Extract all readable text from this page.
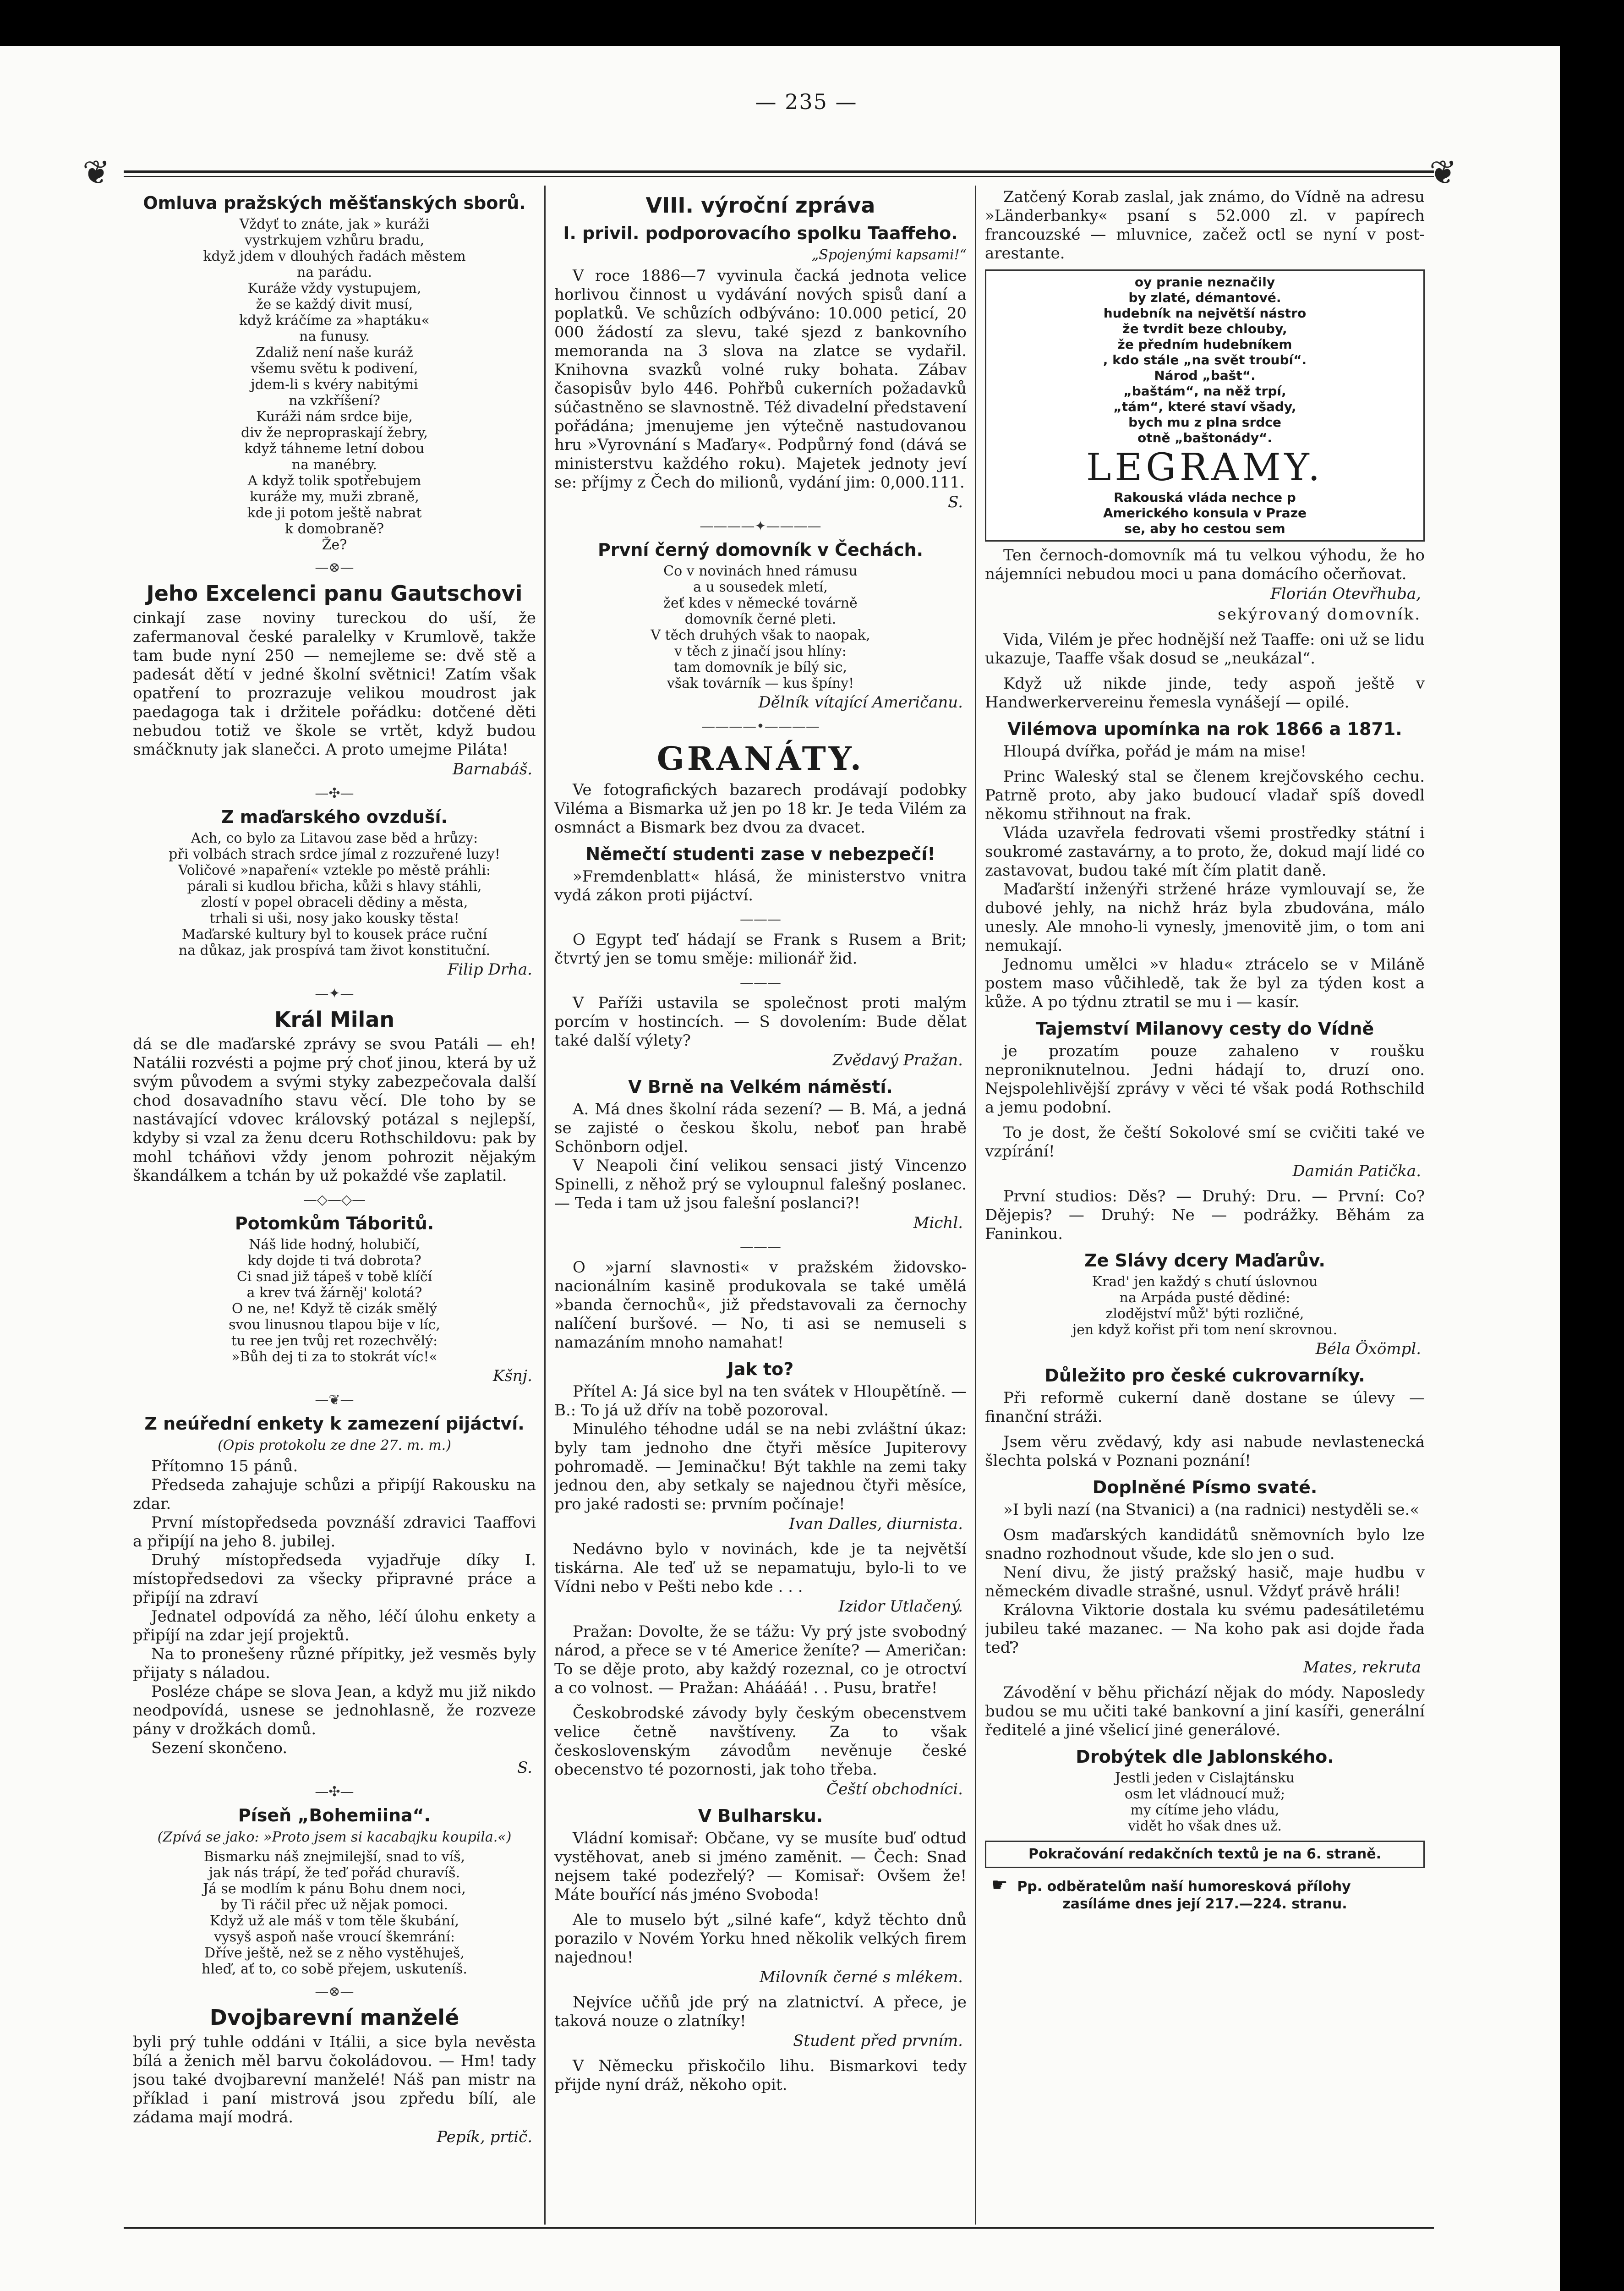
— 235 —
❦	❦
Omluva pražských měšťanských sborů.
Vždyť to znáte, jak » kuráži
vystrkujem vzhůru bradu,
když jdem v dlouhých řadách městem
na parádu.
Kuráže vždy vystupujem,
že se každý divit musí,
když kráčíme za »haptáku«
na funusy.
Zdaliž není naše kuráž
všemu světu k podivení,
jdem-li s kvéry nabitými
na vzkříšení?
Kuráži nám srdce bije,
div že nepropraskají žebry,
když táhneme letní dobou
na manébry.
A když tolik spotřebujem
kuráže my, muži zbraně,
kde ji potom ještě nabrat
k domobraně?
Že?
—⊗—
Jeho Excelenci panu Gautschovi

cinkají zase noviny tureckou do uší, že zafermanoval české paralelky v Krumlově, takže tam bude nyní 250 — nemejleme se: dvě stě a padesát dětí v jedné školní světnici! Zatím však opatření to prozrazuje velikou moudrost jak paedagoga tak i držitele pořádku: dotčené děti nebudou totiž ve škole se vrtět, když budou smáčknuty jak slanečci. A proto umejme Piláta!

Barnabáš.
—✣—
Z maďarského ovzduší.
Ach, co bylo za Litavou zase běd a hrůzy:
při volbách strach srdce jímal z rozzuřené luzy!
Voličové »napaření« vztekle po městě práhli:
párali si kudlou břicha, kůži s hlavy stáhli,
zlostí v popel obraceli dědiny a města,
trhali si uši, nosy jako kousky těsta!
Maďarské kultury byl to kousek práce ruční
na důkaz, jak prospívá tam život konstituční.
Filip Drha.
—✦—
Král Milan

dá se dle maďarské zprávy se svou Patáli — eh! Natálii rozvésti a pojme prý choť jinou, která by už svým původem a svými styky zabezpečovala další chod dosavadního stavu věcí. Dle toho by se nastávající vdovec královský potázal s nejlepší, kdyby si vzal za ženu dceru Rothschildovu: pak by mohl tcháňovi vždy jenom pohrozit nějakým škandálkem a tchán by už pokaždé vše zaplatil.

—◇—◇—
Potomkům Táboritů.
Náš lide hodný, holubičí,
kdy dojde ti tvá dobrota?
Ci snad již tápeš v tobě klíčí
a krev tvá žárněj' kolotá?
O ne, ne! Když tě cizák smělý
svou linusnou tlapou bije v líc,
tu ree jen tvůj ret rozechvělý:
»Bůh dej ti za to stokrát víc!«
Kšnj.
—❦—
Z neúřední enkety k zamezení pijáctví.
(Opis protokolu ze dne 27. m. m.)

Přítomno 15 pánů.

Předseda zahajuje schůzi a připíjí Rakousku na zdar.

První místopředseda povznáší zdravici Taaffovi a připíjí na jeho 8. jubilej.

Druhý místopředseda vyjadřuje díky I. místopředsedovi za všecky připravné práce a připíjí na zdraví

Jednatel odpovídá za něho, léčí úlohu enkety a připíjí na zdar její projektů.

Na to pronešeny různé přípitky, jež vesměs byly přijaty s náladou.

Posléze chápe se slova Jean, a když mu již nikdo neodpovídá, usnese se jednohlasně, že rozveze pány v drožkách domů.

Sezení skončeno.

S.
—✣—
Píseň „Bohemiina“.
(Zpívá se jako: »Proto jsem si kacabajku koupila.«)
Bismarku náš znejmilejší, snad to víš,
jak nás trápí, že teď pořád churavíš.
Já se modlím k pánu Bohu dnem noci,
by Ti ráčil přec už nějak pomoci.
Když už ale máš v tom těle škubání,
vysyš aspoň naše vroucí škemrání:
Dříve ještě, než se z něho vystěhuješ,
hleď, ať to, co sobě přejem, uskuteníš.
—⊗—
Dvojbarevní manželé

byli prý tuhle oddáni v Itálii, a sice byla nevěsta bílá a ženich měl barvu čokoládovou. — Hm! tady jsou také dvojbarevní manželé! Náš pan mistr na příklad i paní mistrová jsou zpředu bílí, ale zádama mají modrá.

Pepík, prtič.
VIII. výroční zpráva
I. privil. podporovacího spolku Taaffeho.
„Spojenými kapsami!“

V roce 1886—7 vyvinula čacká jednota velice horlivou činnost u vydávání nových spisů daní a poplatků. Ve schůzích odbýváno: 10.000 peticí, 20 000 žádostí za slevu, také sjezd z bankovního memoranda na 3 slova na zlatce se vydařil. Knihovna svazků volné ruky bohata. Zábav časopisův bylo 446. Pohřbů cukerních požadavků súčastněno se slavnostně. Též divadelní představení pořádána; jmenujeme jen výtečně nastudovanou hru »Vyrovnání s Maďary«. Podpůrný fond (dává se ministerstvu každého roku). Majetek jednoty jeví se: příjmy z Čech do milionů, vydání jim: 0,000.111.

S.
————✦————
První černý domovník v Čechách.
Co v novinách hned rámusu
a u sousedek mletí,
žeť kdes v německé továrně
domovník černé pleti.
V těch druhých však to naopak,
v těch z jinačí jsou hlíny:
tam domovník je bílý sic,
však továrník — kus špíny!
Dělník vítající Američanu.
————•————
GRANÁTY.

Ve fotografických bazarech prodávají podobky Viléma a Bismarka už jen po 18 kr. Je teda Vilém za osmnáct a Bismark bez dvou za dvacet.

Němečtí studenti zase v nebezpečí!

»Fremdenblatt« hlásá, že ministerstvo vnitra vydá zákon proti pijáctví.

———

O Egypt teď hádají se Frank s Rusem a Brit; čtvrtý jen se tomu směje: milionář žid.

———

V Paříži ustavila se společnost proti malým porcím v hostincích. — S dovolením: Bude dělat také další výlety?

Zvědavý Pražan.
V Brně na Velkém náměstí.

A. Má dnes školní ráda sezení? — B. Má, a jedná se zajisté o českou školu, neboť pan hrabě Schönborn odjel.

V Neapoli činí velikou sensaci jistý Vincenzo Spinelli, z něhož prý se vyloupnul falešný poslanec. — Teda i tam už jsou falešní poslanci?!

Michl.
———

O »jarní slavnosti« v pražském židovsko-nacionálním kasině produkovala se také umělá »banda černochů«, již představovali za černochy nalíčení buršové. — No, ti asi se nemuseli s namazáním mnoho namahat!

Jak to?

Přítel A: Já sice byl na ten svátek v Hloupětíně. — B.: To já už dřív na tobě pozoroval.

Minulého téhodne udál se na nebi zvláštní úkaz: byly tam jednoho dne čtyři měsíce Jupiterovy pohromadě. — Jeminačku! Být takhle na zemi taky jednou den, aby setkaly se najednou čtyři měsíce, pro jaké radosti se: prvním počínaje!

Ivan Dalles, diurnista.

Nedávno bylo v novinách, kde je ta největší tiskárna. Ale teď už se nepamatuju, bylo-li to ve Vídni nebo v Pešti nebo kde . . .

Izidor Utlačený.

Pražan: Dovolte, že se tážu: Vy prý jste svobodný národ, a přece se v té Americe ženíte? — Američan: To se děje proto, aby každý rozeznal, co je otroctví a co volnost. — Pražan: Aháááá! . . Pusu, bratře!

Českobrodské závody byly českým obecenstvem velice četně navštíveny. Za to však československým závodům nevěnuje české obecenstvo té pozornosti, jak toho třeba.

Čeští obchodníci.
V Bulharsku.

Vládní komisař: Občane, vy se musíte buď odtud vystěhovat, aneb si jméno zaměnit. — Čech: Snad nejsem také podezřelý? — Komisař: Ovšem že! Máte bouřící nás jméno Svoboda!

Ale to muselo být „silné kafe“, když těchto dnů porazilo v Novém Yorku hned několik velkých firem najednou!

Milovník černé s mlékem.

Nejvíce učňů jde prý na zlatnictví. A přece, je taková nouze o zlatníky!

Student před prvním.

V Německu přiskočilo lihu. Bismarkovi tedy přijde nyní dráž, někoho opit.

Zatčený Korab zaslal, jak známo, do Vídně na adresu »Länderbanky« psaní s 52.000 zl. v papírech francouzské — mluvnice, začež octl se nyní v post-arestante.

oy pranie neznačily
by zlaté, démantové.
hudebník na největší nástro
že tvrdit beze chlouby,
že předním hudebníkem
, kdo stále „na svět troubí“.
Národ „bašt“.
„baštám“, na něž trpí,
„tám“, které staví všady,
bych mu z plna srdce
otně „baštonády“.
LEGRAMY.
Rakouská vláda nechce p
Amerického konsula v Praze
se, aby ho cestou sem

Ten černoch-domovník má tu velkou výhodu, že ho nájemníci nebudou moci u pana domácího očerňovat.

Florián Otevřhuba,
sekýrovaný domovník.

Vida, Vilém je přec hodnější než Taaffe: oni už se lidu ukazuje, Taaffe však dosud se „neukázal“.

Když už nikde jinde, tedy aspoň ještě v Handwerkervereinu řemesla vynášejí — opilé.

Vilémova upomínka na rok 1866 a 1871.

Hloupá dvířka, pořád je mám na mise!

Princ Waleský stal se členem krejčovského cechu. Patrně proto, aby jako budoucí vladař spíš dovedl někomu střihnout na frak.

Vláda uzavřela fedrovati všemi prostředky státní i soukromé zastavárny, a to proto, že, dokud mají lidé co zastavovat, budou také mít čím platit daně.

Maďarští inženýři stržené hráze vymlouvají se, že dubové jehly, na nichž hráz byla zbudována, málo unesly. Ale mnoho-li vynesly, jmenovitě jim, o tom ani nemukají.

Jednomu umělci »v hladu« ztrácelo se v Miláně postem maso vůčihledě, tak že byl za týden kost a kůže. A po týdnu ztratil se mu i — kasír.

Tajemství Milanovy cesty do Vídně

je prozatím pouze zahaleno v roušku neproniknutelnou. Jedni hádají to, druzí ono. Nejspolehlivější zprávy v věci té však podá Rothschild a jemu podobní.

To je dost, že čeští Sokolové smí se cvičiti také ve vzpírání!

Damián Patička.

První studios: Děs? — Druhý: Dru. — První: Co? Dějepis? — Druhý: Ne — podrážky. Běhám za Faninkou.

Ze Slávy dcery Maďarův.
Krad' jen každý s chutí úslovnou
na Arpáda pusté dědiné:
zlodějství můž' býti rozličné,
jen když kořist při tom není skrovnou.
Béla Öxömpl.
Důležito pro české cukrovarníky.

Při reformě cukerní daně dostane se úlevy — finanční stráži.

Jsem věru zvědavý, kdy asi nabude nevlastenecká šlechta polská v Poznani poznání!

Doplněné Písmo svaté.

»I byli nazí (na Stvanici) a (na radnici) nestyděli se.«

Osm maďarských kandidátů sněmovních bylo lze snadno rozhodnout všude, kde slo jen o sud.

Není divu, že jistý pražský hasič, maje hudbu v německém divadle strašné, usnul. Vždyť právě hráli!

Královna Viktorie dostala ku svému padesátiletému jubileu také mazanec. — Na koho pak asi dojde řada teď?

Mates, rekruta

Závodění v běhu přichází nějak do módy. Naposledy budou se mu učiti také bankovní a jiní kasíři, generální ředitelé a jiné všelicí jiné generálové.

Drobýtek dle Jablonského.
Jestli jeden v Cislajtánsku
osm let vládnoucí muž;
my cítíme jeho vládu,
vidět ho však dnes už.
Pokračování redakčních textů je na 6. straně.
☛ Pp. odběratelům naší humoresková přílohy

zasíláme dnes její 217.—224. stranu.
